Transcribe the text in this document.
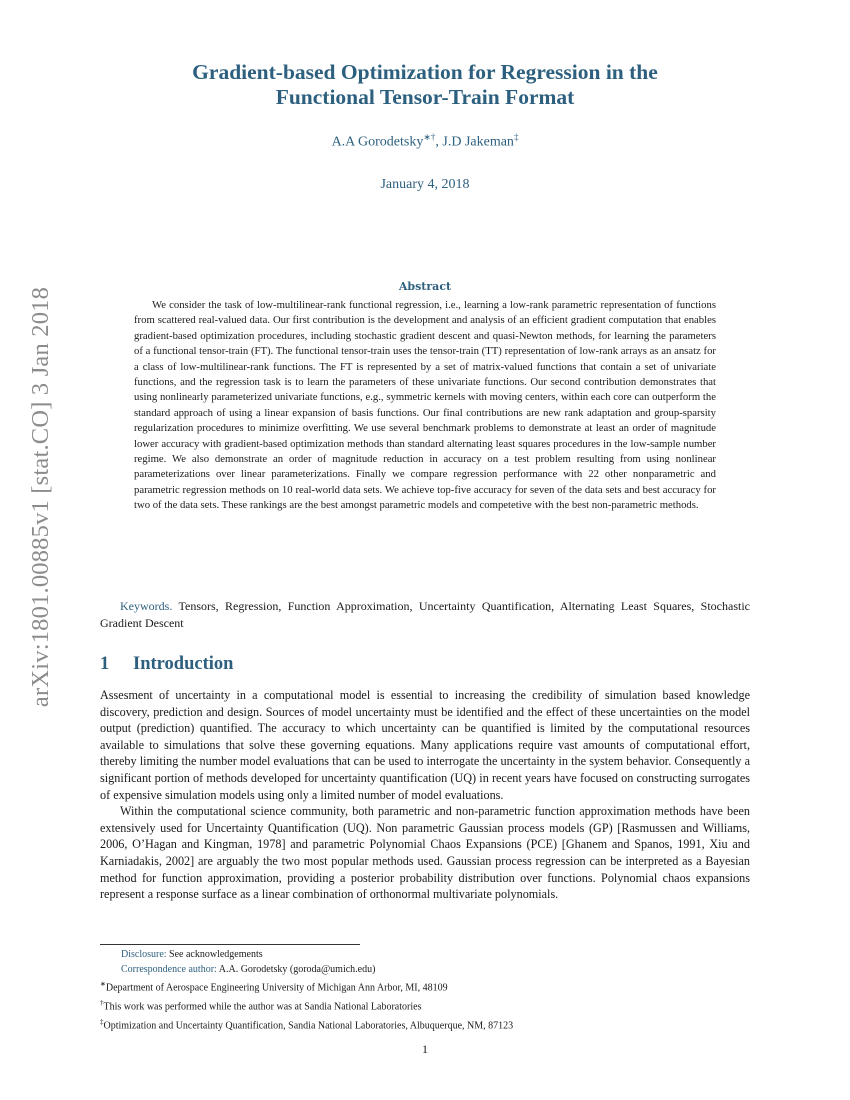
arXiv:1801.00885v1 [stat.CO] 3 Jan 2018
Gradient-based Optimization for Regression in the
Functional Tensor-Train Format
A.A Gorodetsky∗†, J.D Jakeman‡
January 4, 2018
Abstract
We consider the task of low-multilinear-rank functional regression, i.e., learning a low-rank parametric representation of functions from scattered real-valued data. Our first contribution is the development and analysis of an efficient gradient computation that enables gradient-based optimization procedures, including stochastic gradient descent and quasi-Newton methods, for learning the parameters of a functional tensor-train (FT). The functional tensor-train uses the tensor-train (TT) representation of low-rank arrays as an ansatz for a class of low-multilinear-rank functions. The FT is represented by a set of matrix-valued functions that contain a set of univariate functions, and the regression task is to learn the parameters of these univariate functions. Our second contribution demonstrates that using nonlinearly parameterized univariate functions, e.g., symmetric kernels with moving centers, within each core can outperform the standard approach of using a linear expansion of basis functions. Our final contributions are new rank adaptation and group-sparsity regularization procedures to minimize overfitting. We use several benchmark problems to demonstrate at least an order of magnitude lower accuracy with gradient-based optimization methods than standard alternating least squares procedures in the low-sample number regime. We also demonstrate an order of magnitude reduction in accuracy on a test problem resulting from using nonlinear parameterizations over linear parameterizations. Finally we compare regression performance with 22 other nonparametric and parametric regression methods on 10 real-world data sets. We achieve top-five accuracy for seven of the data sets and best accuracy for two of the data sets. These rankings are the best amongst parametric models and competetive with the best non-parametric methods.
Keywords. Tensors, Regression, Function Approximation, Uncertainty Quantification, Alternating Least Squares, Stochastic Gradient Descent
1 Introduction

Assesment of uncertainty in a computational model is essential to increasing the credibility of simulation based knowledge discovery, prediction and design. Sources of model uncertainty must be identified and the effect of these uncertainties on the model output (prediction) quantified. The accuracy to which uncertainty can be quantified is limited by the computational resources available to simulations that solve these governing equations. Many applications require vast amounts of computational effort, thereby limiting the number model evaluations that can be used to interrogate the uncertainty in the system behavior. Consequently a significant portion of methods developed for uncertainty quantification (UQ) in recent years have focused on constructing surrogates of expensive simulation models using only a limited number of model evaluations.

Within the computational science community, both parametric and non-parametric function approximation methods have been extensively used for Uncertainty Quantification (UQ). Non parametric Gaussian process models (GP) [Rasmussen and Williams, 2006, O’Hagan and Kingman, 1978] and parametric Polynomial Chaos Expansions (PCE) [Ghanem and Spanos, 1991, Xiu and Karniadakis, 2002] are arguably the two most popular methods used. Gaussian process regression can be interpreted as a Bayesian method for function approximation, providing a posterior probability distribution over functions. Polynomial chaos expansions represent a response surface as a linear combination of orthonormal multivariate polynomials.

Disclosure: See acknowledgements
Correspondence author: A.A. Gorodetsky (goroda@umich.edu)
∗Department of Aerospace Engineering University of Michigan Ann Arbor, MI, 48109
†This work was performed while the author was at Sandia National Laboratories
‡Optimization and Uncertainty Quantification, Sandia National Laboratories, Albuquerque, NM, 87123
1
